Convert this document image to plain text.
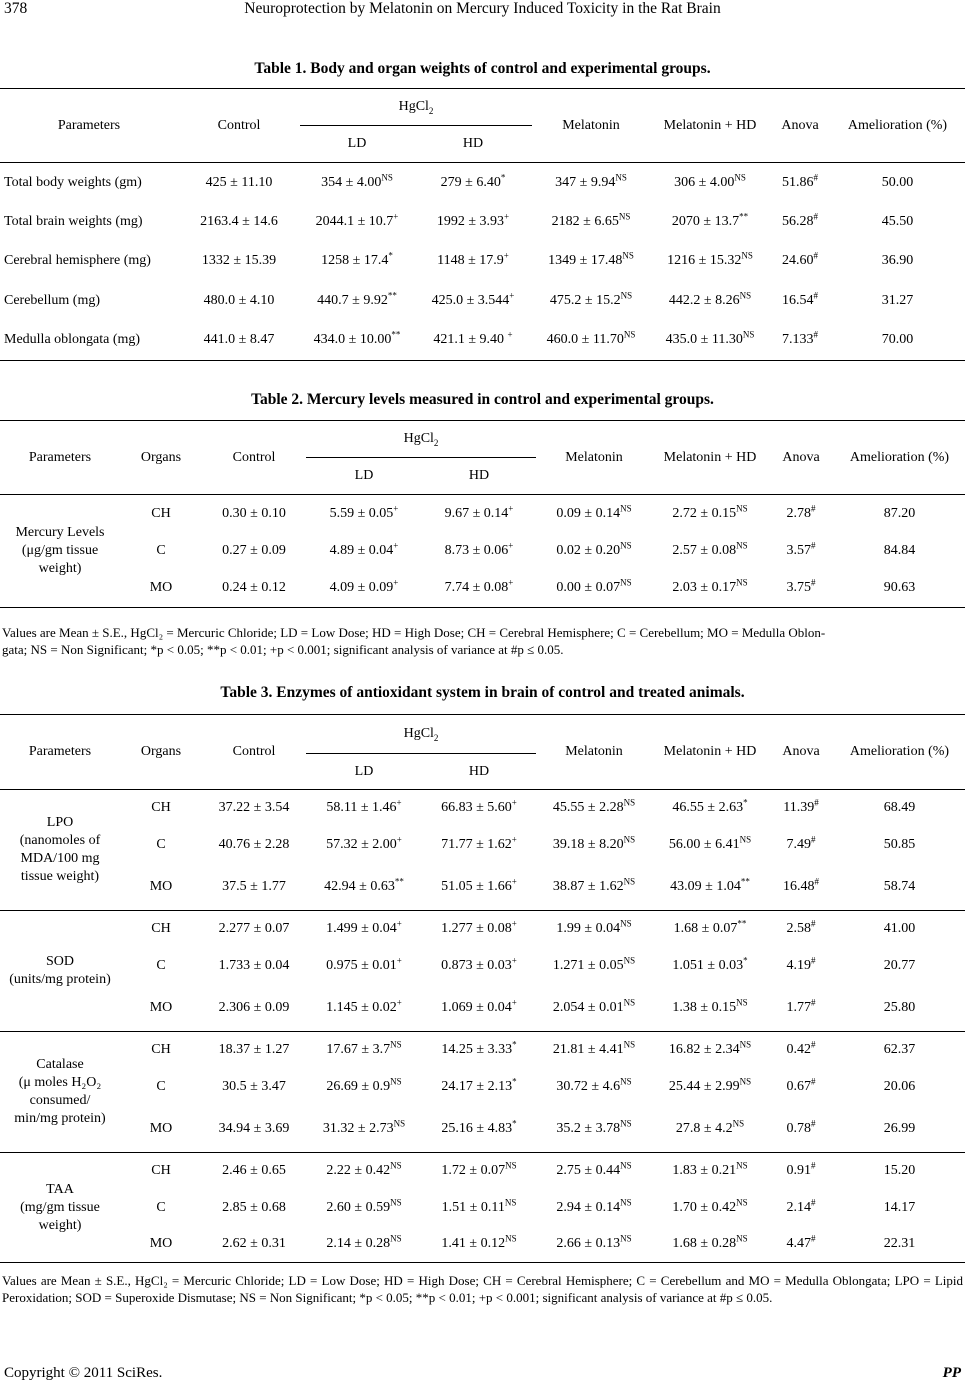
378	Neuroprotection by Melatonin on Mercury Induced Toxicity in the Rat Brain
Table 1. Body and organ weights of control and experimental groups.
Parameters	Control	HgCl$_2$		Melatonin	Melatonin + HD	Anova	Amelioration (%)
		LD	HD				
Total body weights (gm)	425 ± 11.10	$354 \pm 4.00^{NS}$	279 ± 6.40*	$347 \pm 9.94^{NS}$	$306 \pm 4.00^{NS}$	51.86#	50.00
Total brain weights (mg)	2163.4 ± 14.6	2044.1 ± 10.7+	1992 ± 3.93+	$2182 \pm 6.65^{NS}$	2070 ± 13.7**	56.28#	45.50
Cerebral hemisphere (mg)	1332 ± 15.39	1258 ± 17.4*	1148 ± 17.9+	$1349 \pm 17.48^{NS}$	$1216 \pm 15.32^{NS}$	24.60#	36.90
Cerebellum (mg)	480.0 ± 4.10	440.7 ± 9.92**	425.0 ± 3.544+	$475.2 \pm 15.2^{NS}$	$442.2 \pm 8.26^{NS}$	16.54#	31.27
Medulla oblongata (mg)	441.0 ± 8.47	434.0 ± 10.00**	421.1 ± 9.40 +	$460.0 \pm 11.70^{NS}$	$435.0 \pm 11.30^{NS}$	7.133#	70.00
Table 2. Mercury levels measured in control and experimental groups.
Parameters	Organs	Control	HgCl$_2$		Melatonin	Melatonin + HD	Anova	Amelioration (%)
			LD	HD				

Mercury Levels
(μg/gm tissue
weight)	CH	0.30 ± 0.10	5.59 ± 0.05+	9.67 ± 0.14+	$0.09 \pm 0.14^{NS}$	$2.72 \pm 0.15^{NS}$	2.78#	87.20
	C	0.27 ± 0.09	4.89 ± 0.04+	8.73 ± 0.06+	$0.02 \pm 0.20^{NS}$	$2.57 \pm 0.08^{NS}$	3.57#	84.84
	MO	0.24 ± 0.12	4.09 ± 0.09+	7.74 ± 0.08+	$0.00 \pm 0.07^{NS}$	$2.03 \pm 0.17^{NS}$	3.75#	90.63
Values are Mean ± S.E., HgCl₂ = Mercuric Chloride; LD = Low Dose; HD = High Dose; CH = Cerebral Hemisphere; C = Cerebellum; MO = Medulla Oblon-
gata; NS = Non Significant; *p < 0.05; **p < 0.01; +p < 0.001; significant analysis of variance at #p ≤ 0.05.
Table 3. Enzymes of antioxidant system in brain of control and treated animals.
Parameters	Organs	Control	HgCl$_2$		Melatonin	Melatonin + HD	Anova	Amelioration (%)
			LD	HD				

LPO
(nanomoles of
MDA/100 mg
tissue weight)	CH	37.22 ± 3.54	58.11 ± 1.46+	66.83 ± 5.60+	$45.55 \pm 2.28^{NS}$	46.55 ± 2.63*	11.39#	68.49
	C	40.76 ± 2.28	57.32 ± 2.00+	71.77 ± 1.62+	$39.18 \pm 8.20^{NS}$	$56.00 \pm 6.41^{NS}$	7.49#	50.85
	MO	37.5 ± 1.77	42.94 ± 0.63**	51.05 ± 1.66+	$38.87 \pm 1.62^{NS}$	43.09 ± 1.04**	16.48#	58.74

SOD
(units/mg protein)	CH	2.277 ± 0.07	1.499 ± 0.04+	1.277 ± 0.08+	$1.99 \pm 0.04^{NS}$	1.68 ± 0.07**	2.58#	41.00
	C	1.733 ± 0.04	0.975 ± 0.01+	0.873 ± 0.03+	$1.271 \pm 0.05^{NS}$	1.051 ± 0.03*	4.19#	20.77
	MO	2.306 ± 0.09	1.145 ± 0.02+	1.069 ± 0.04+	$2.054 \pm 0.01^{NS}$	$1.38 \pm 0.15^{NS}$	1.77#	25.80

Catalase
(μ moles H₂O₂
consumed/
min/mg protein)	CH	18.37 ± 1.27	$17.67 \pm 3.7^{NS}$	14.25 ± 3.33*	$21.81 \pm 4.41^{NS}$	$16.82 \pm 2.34^{NS}$	0.42#	62.37
	C	30.5 ± 3.47	$26.69 \pm 0.9^{NS}$	24.17 ± 2.13*	$30.72 \pm 4.6^{NS}$	$25.44 \pm 2.99^{NS}$	0.67#	20.06
	MO	34.94 ± 3.69	$31.32 \pm 2.73^{NS}$	25.16 ± 4.83*	$35.2 \pm 3.78^{NS}$	$27.8 \pm 4.2^{NS}$	0.78#	26.99

TAA
(mg/gm tissue
weight)	CH	2.46 ± 0.65	$2.22 \pm 0.42^{NS}$	$1.72 \pm 0.07^{NS}$	$2.75 \pm 0.44^{NS}$	$1.83 \pm 0.21^{NS}$	0.91#	15.20
	C	2.85 ± 0.68	$2.60 \pm 0.59^{NS}$	$1.51 \pm 0.11^{NS}$	$2.94 \pm 0.14^{NS}$	$1.70 \pm 0.42^{NS}$	2.14#	14.17
	MO	2.62 ± 0.31	$2.14 \pm 0.28^{NS}$	$1.41 \pm 0.12^{NS}$	$2.66 \pm 0.13^{NS}$	$1.68 \pm 0.28^{NS}$	4.47#	22.31
Values are Mean ± S.E., HgCl₂ = Mercuric Chloride; LD = Low Dose; HD = High Dose; CH = Cerebral Hemisphere; C = Cerebellum and MO = Medulla Oblongata; LPO = Lipid Peroxidation; SOD = Superoxide Dismutase; NS = Non Significant; *p < 0.05; **p < 0.01; +p < 0.001; significant analysis of variance at #p ≤ 0.05.
Copyright © 2011 SciRes.	PP
